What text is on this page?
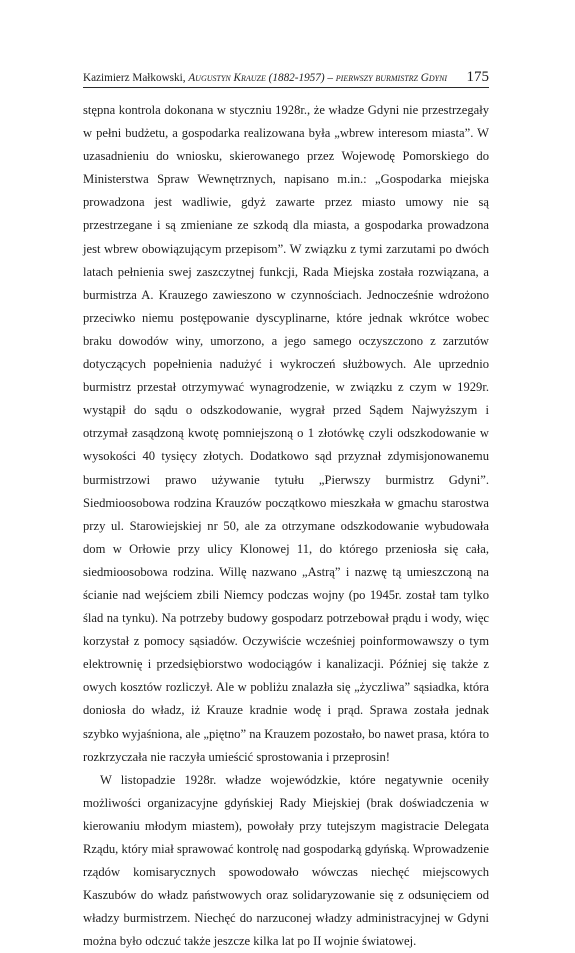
Kazimierz Małkowski, Augustyn Krauze (1882-1957) – pierwszy burmistrz Gdyni 175

stępna kontrola dokonana w styczniu 1928r., że władze Gdyni nie przestrzegały w pełni budżetu, a gospodarka realizowana była „wbrew interesom miasta”. W uzasadnieniu do wniosku, skierowanego przez Wojewodę Pomorskiego do Ministerstwa Spraw Wewnętrznych, napisano m.in.: „Gospodarka miejska prowadzona jest wadliwie, gdyż zawarte przez miasto umowy nie są przestrzegane i są zmieniane ze szkodą dla miasta, a gospodarka prowadzona jest wbrew obowiązującym przepisom”. W związku z tymi zarzutami po dwóch latach pełnienia swej zaszczytnej funkcji, Rada Miejska została rozwiązana, a burmistrza A. Krauzego zawieszono w czynnościach. Jednocześnie wdrożono przeciwko niemu postępowanie dyscyplinarne, które jednak wkrótce wobec braku dowodów winy, umorzono, a jego samego oczyszczono z zarzutów dotyczących popełnienia nadużyć i wykroczeń służbowych. Ale uprzednio burmistrz przestał otrzymywać wynagrodzenie, w związku z czym w 1929r. wystąpił do sądu o odszkodowanie, wygrał przed Sądem Najwyższym i otrzymał zasądzoną kwotę pomniejszoną o 1 złotówkę czyli odszkodowanie w wysokości 40 tysięcy złotych. Dodatkowo sąd przyznał zdymisjonowanemu burmistrzowi prawo używanie tytułu „Pierwszy burmistrz Gdyni”. Siedmioosobowa rodzina Krauzów początkowo mieszkała w gmachu starostwa przy ul. Starowiejskiej nr 50, ale za otrzymane odszkodowanie wybudowała dom w Orłowie przy ulicy Klonowej 11, do którego przeniosła się cała, siedmioosobowa rodzina. Willę nazwano „Astrą” i nazwę tą umieszczoną na ścianie nad wejściem zbili Niemcy podczas wojny (po 1945r. został tam tylko ślad na tynku). Na potrzeby budowy gospodarz potrzebował prądu i wody, więc korzystał z pomocy sąsiadów. Oczywiście wcześniej poinformowawszy o tym elektrownię i przedsiębiorstwo wodociągów i kanalizacji. Później się także z owych kosztów rozliczył. Ale w pobliżu znalazła się „życzliwa” sąsiadka, która doniosła do władz, iż Krauze kradnie wodę i prąd. Sprawa została jednak szybko wyjaśniona, ale „piętno” na Krauzem pozostało, bo nawet prasa, która to rozkrzyczała nie raczyła umieścić sprostowania i przeprosin!

W listopadzie 1928r. władze wojewódzkie, które negatywnie oceniły możliwości organizacyjne gdyńskiej Rady Miejskiej (brak doświadczenia w kierowaniu młodym miastem), powołały przy tutejszym magistracie Delegata Rządu, który miał sprawować kontrolę nad gospodarką gdyńską. Wprowadzenie rządów komisarycznych spowodowało wówczas niechęć miejscowych Kaszubów do władz państwowych oraz solidaryzowanie się z odsunięciem od władzy burmistrzem. Niechęć do narzuconej władzy administracyjnej w Gdyni można było odczuć także jeszcze kilka lat po II wojnie światowej.
